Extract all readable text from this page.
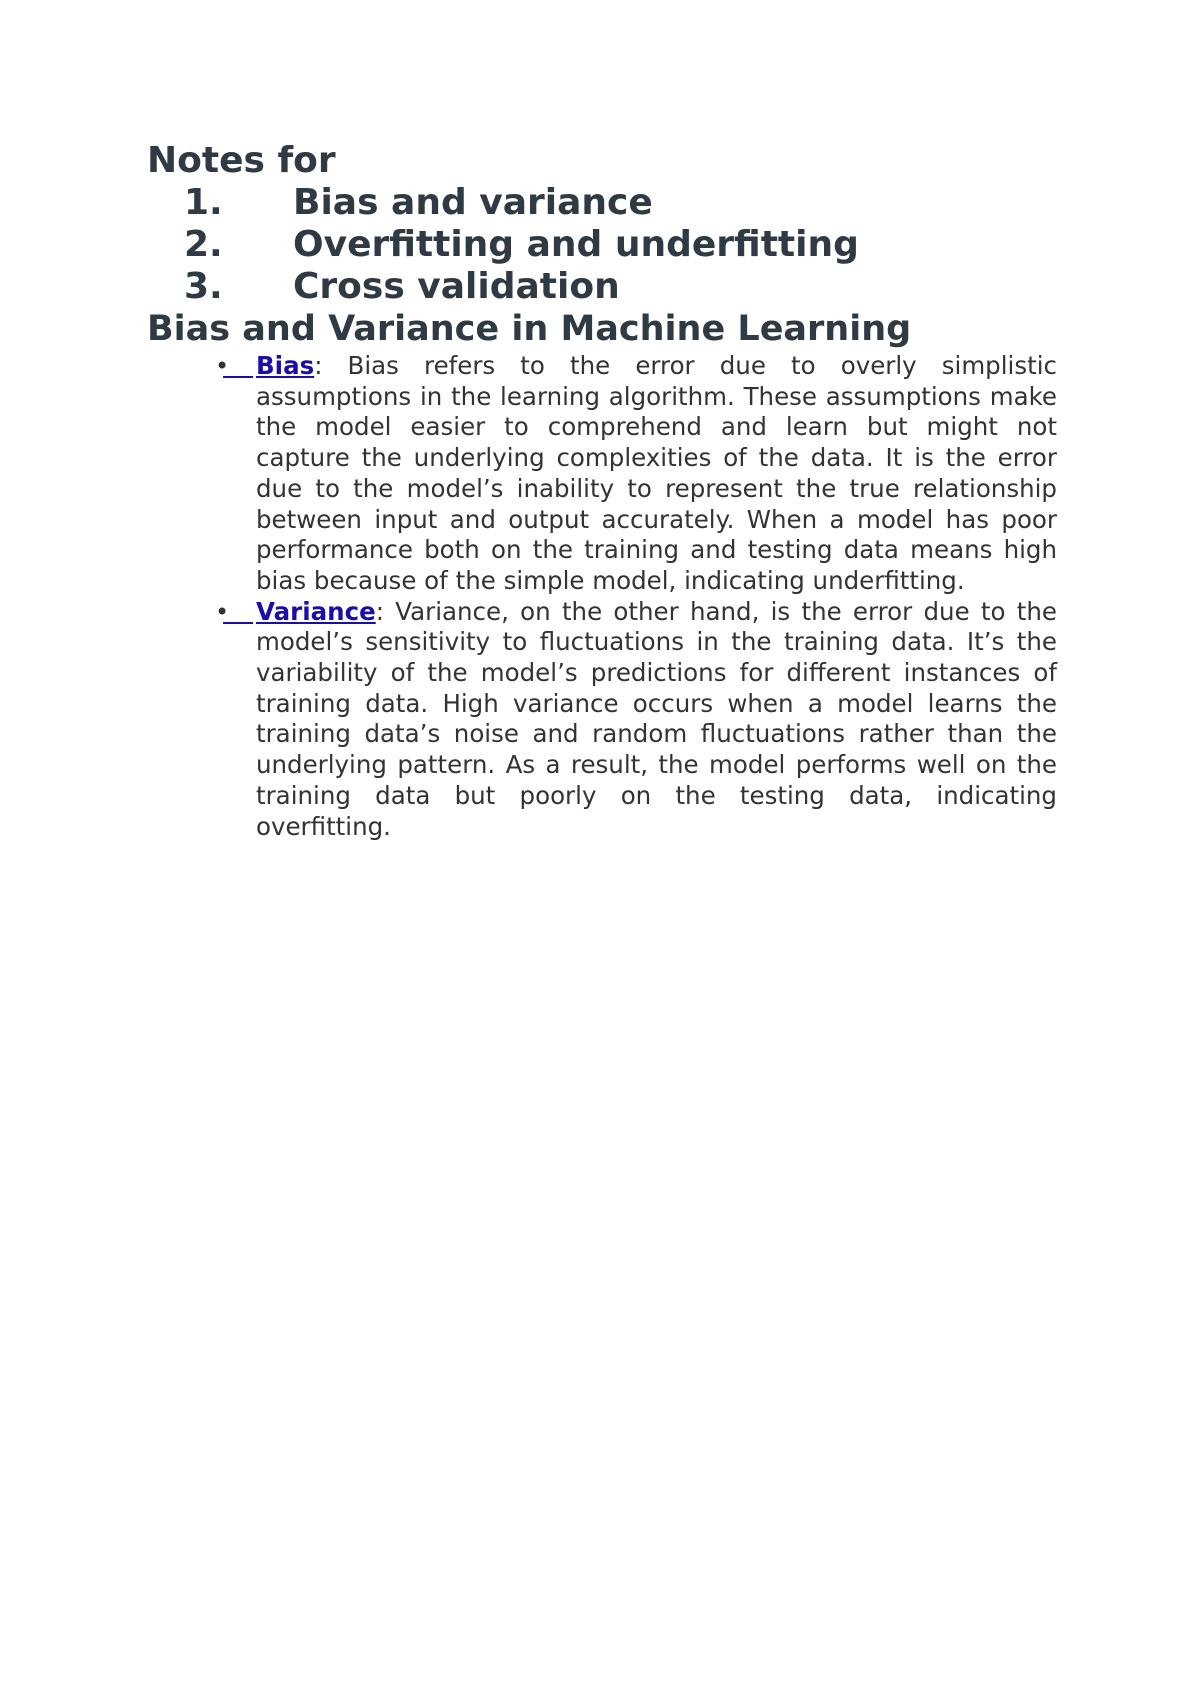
Notes for

1.	Bias and variance
2.	Overfitting and underfitting
3.	Cross validation
Bias and Variance in Machine Learning
• Bias: Bias refers to the error due to overly simplistic assumptions in the learning algorithm. These assumptions make the model easier to comprehend and learn but might not capture the underlying complexities of the data. It is the error due to the model’s inability to represent the true relationship between input and output accurately. When a model has poor performance both on the training and testing data means high bias because of the simple model, indicating underfitting.
• Variance: Variance, on the other hand, is the error due to the model’s sensitivity to fluctuations in the training data. It’s the variability of the model’s predictions for different instances of training data. High variance occurs when a model learns the training data’s noise and random fluctuations rather than the underlying pattern. As a result, the model performs well on the training data but poorly on the testing data, indicating overfitting.
